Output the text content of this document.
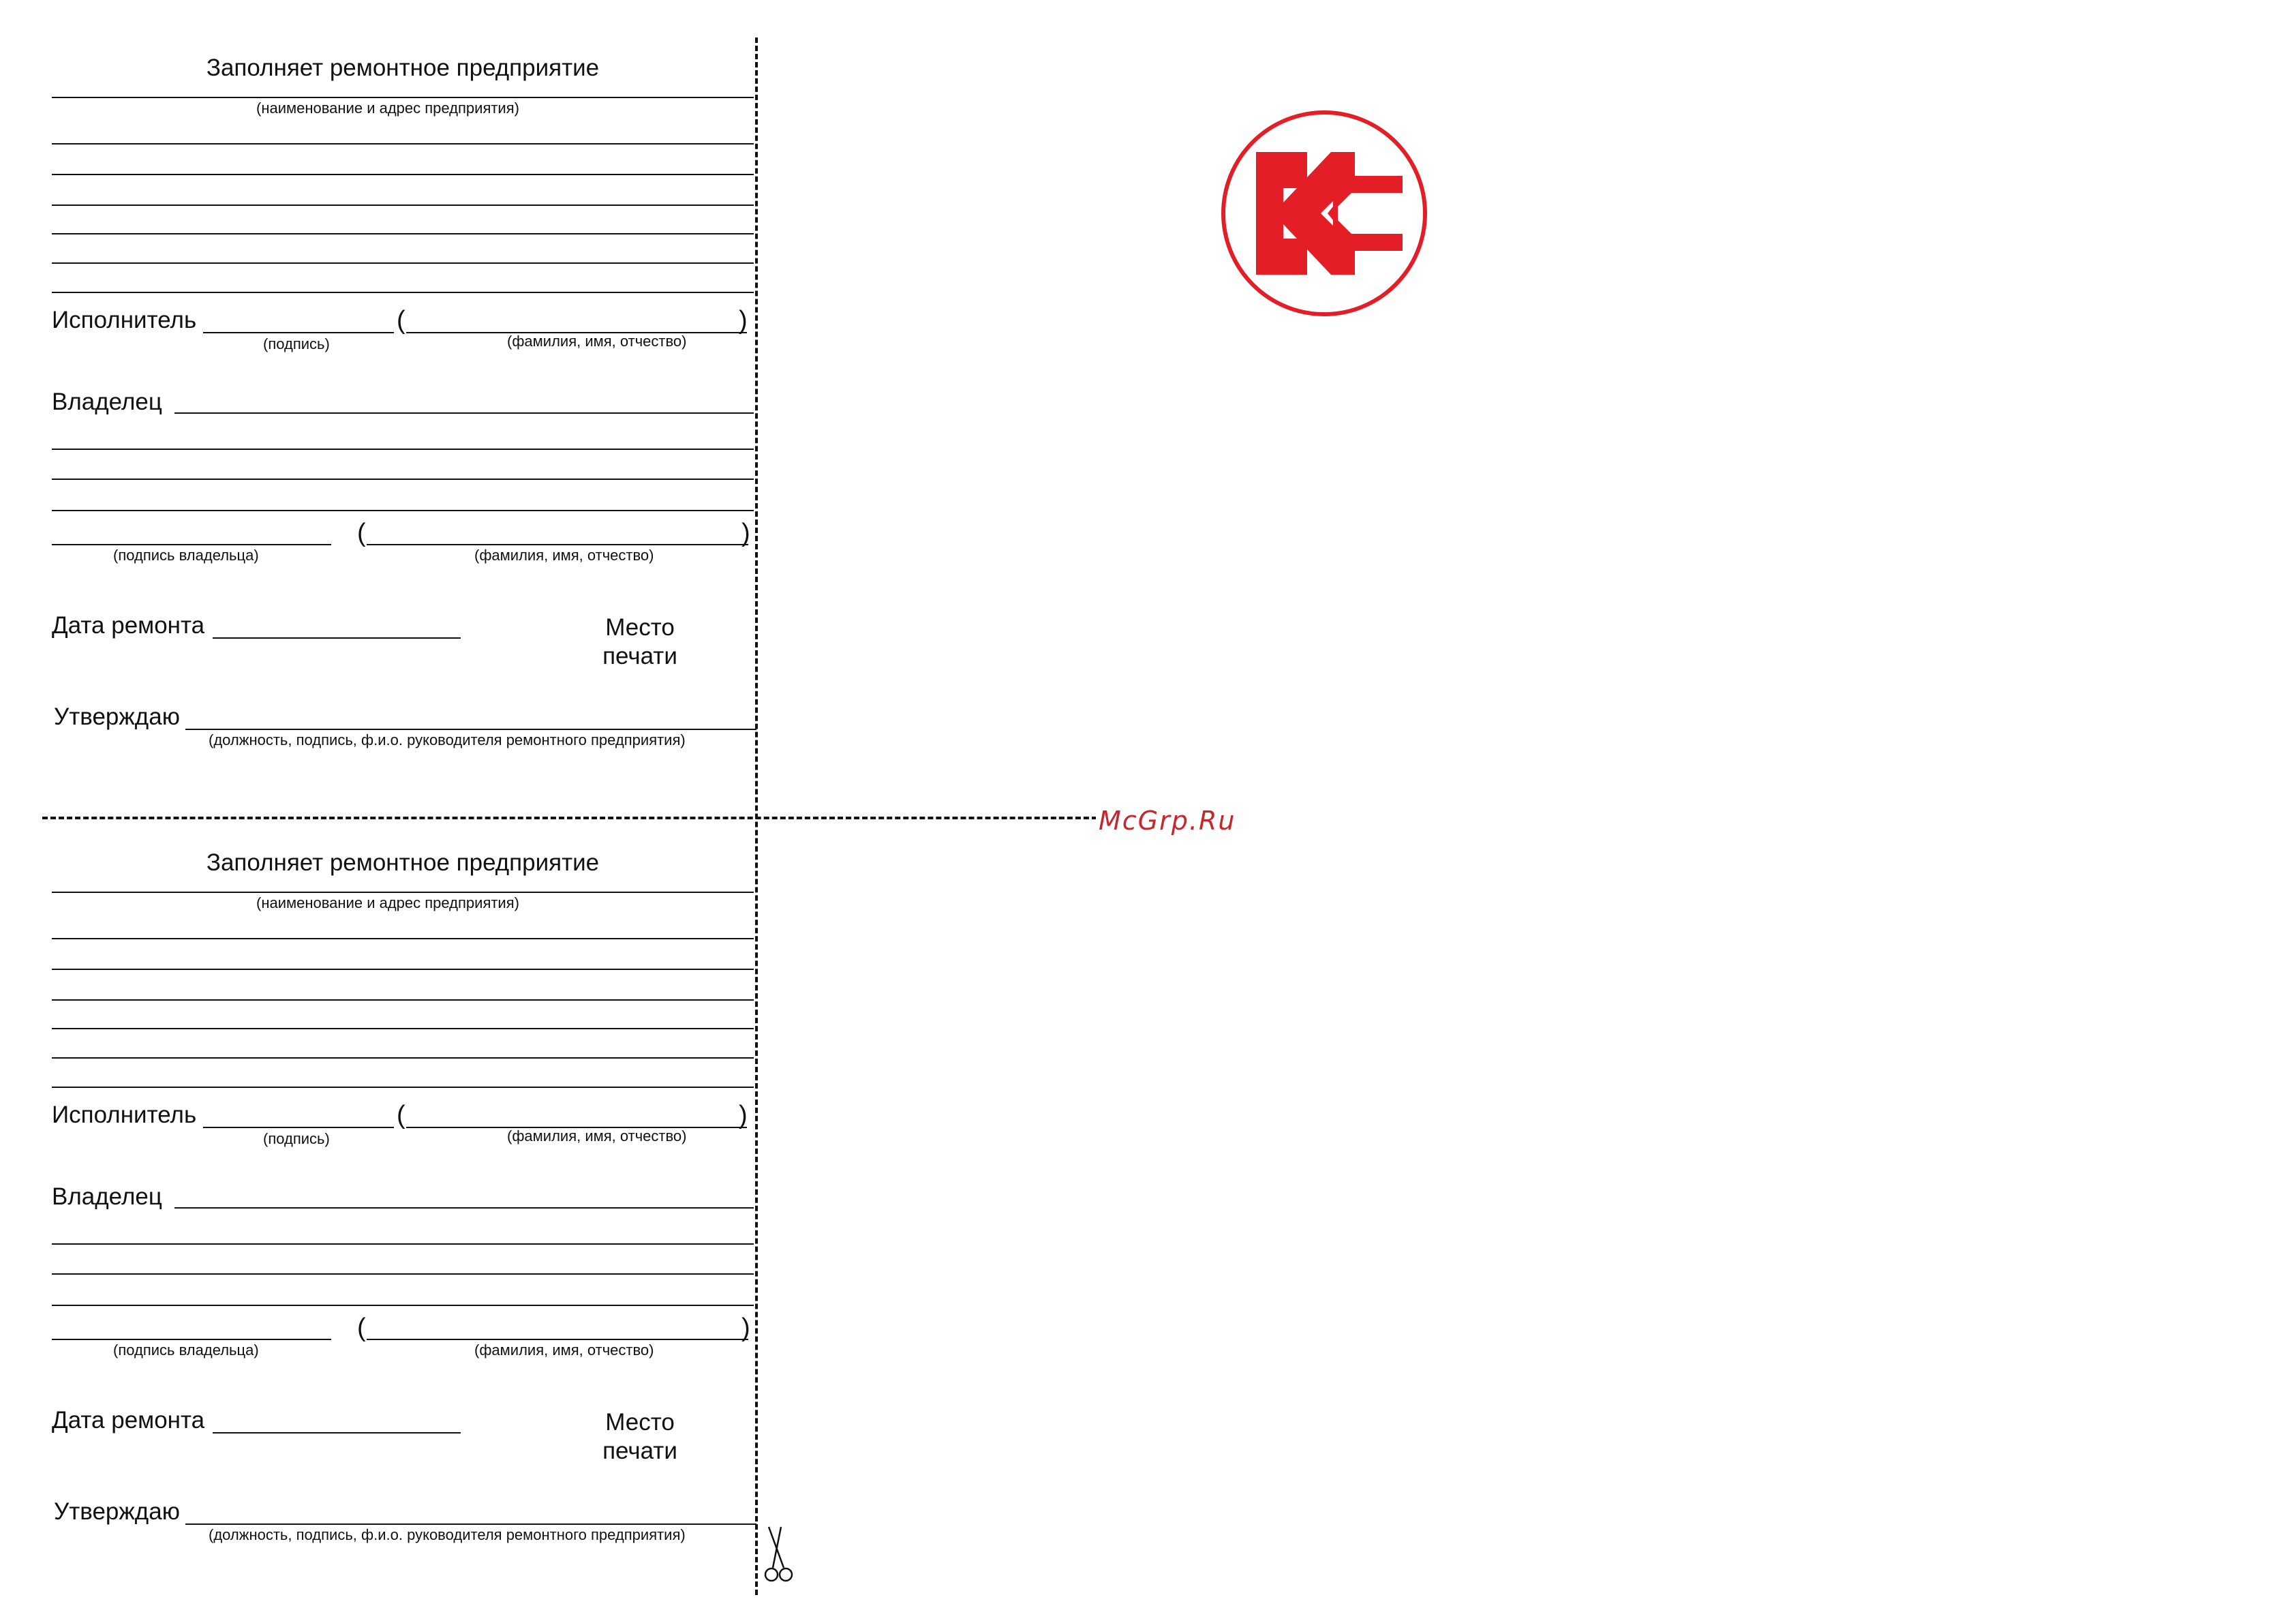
Заполняет ремонтное предприятие
(наименование и адрес предприятия)
Исполнитель	(	)
(подпись)	(фамилия, имя, отчество)
Владелец
(	)
(подпись владельца)	(фамилия, имя, отчество)
Дата ремонта	Место
печати
Утверждаю
(должность, подпись, ф.и.о. руководителя ремонтного предприятия)
Заполняет ремонтное предприятие
(наименование и адрес предприятия)
Исполнитель	(	)
(подпись)	(фамилия, имя, отчество)
Владелец
(	)
(подпись владельца)	(фамилия, имя, отчество)
Дата ремонта	Место
печати
Утверждаю
(должность, подпись, ф.и.о. руководителя ремонтного предприятия)
McGrp.Ru
